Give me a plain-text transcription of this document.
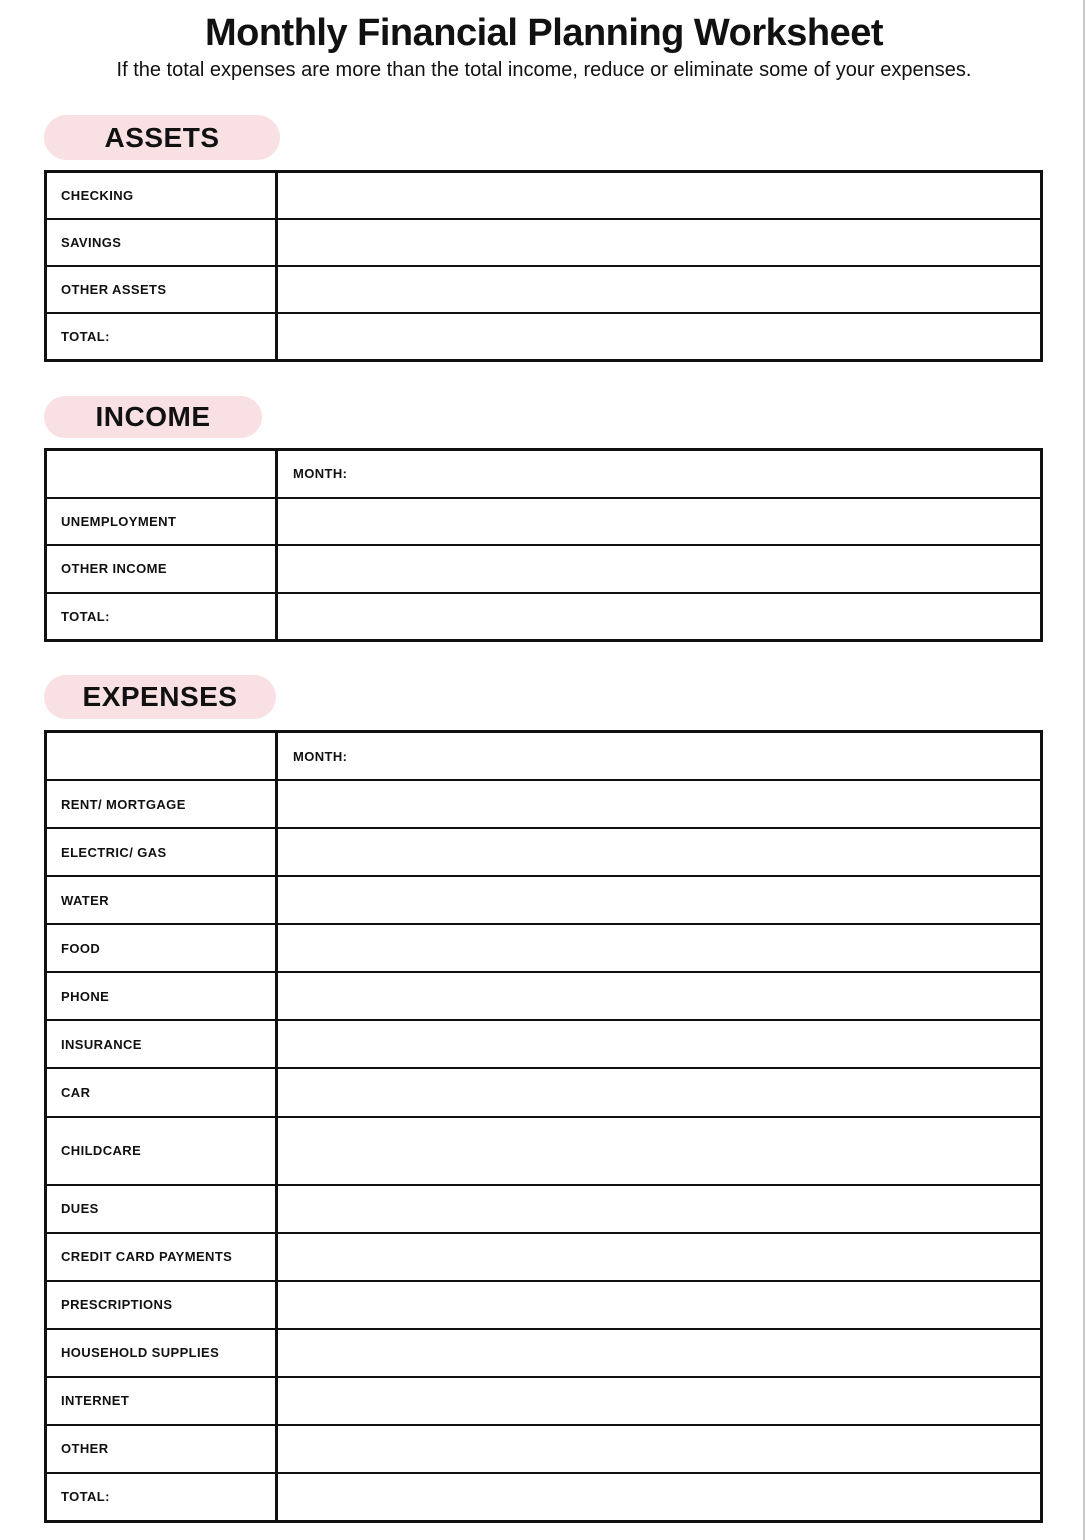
Monthly Financial Planning Worksheet

If the total expenses are more than the total income, reduce or eliminate some of your expenses.

ASSETS
CHECKING
SAVINGS
OTHER ASSETS
TOTAL:
INCOME
MONTH:
UNEMPLOYMENT
OTHER INCOME
TOTAL:
EXPENSES
MONTH:
RENT/ MORTGAGE
ELECTRIC/ GAS
WATER
FOOD
PHONE
INSURANCE
CAR
CHILDCARE
DUES
CREDIT CARD PAYMENTS
PRESCRIPTIONS
HOUSEHOLD SUPPLIES
INTERNET
OTHER
TOTAL:
